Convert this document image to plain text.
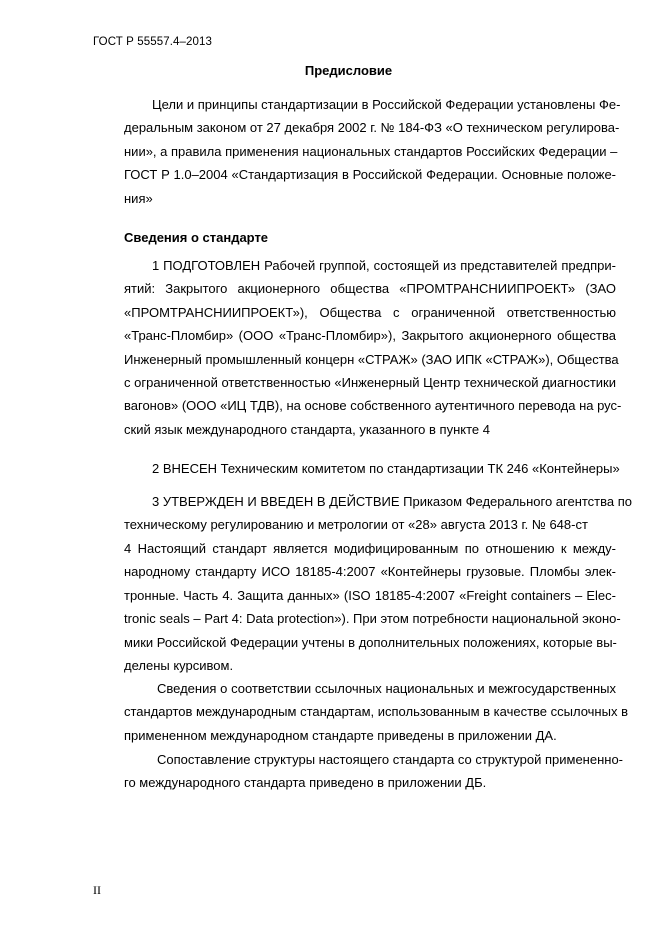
ГОСТ Р 55557.4–2013
Предисловие
Цели и принципы стандартизации в Российской Федерации установлены Фе-
деральным законом от 27 декабря 2002 г. № 184-ФЗ «О техническом регулирова-
нии», а правила применения национальных стандартов Российских Федерации –
ГОСТ Р 1.0–2004 «Стандартизация в Российской Федерации. Основные положе-
ния»
Сведения о стандарте
1 ПОДГОТОВЛЕН Рабочей группой, состоящей из представителей предпри-
ятий: Закрытого акционерного общества «ПРОМТРАНСНИИПРОЕКТ» (ЗАО
«ПРОМТРАНСНИИПРОЕКТ»), Общества с ограниченной ответственностью
«Транс-Пломбир» (ООО «Транс-Пломбир»), Закрытого акционерного общества
Инженерный промышленный концерн «СТРАЖ» (ЗАО ИПК «СТРАЖ»), Общества
с ограниченной ответственностью «Инженерный Центр технической диагностики
вагонов» (ООО «ИЦ ТДВ), на основе собственного аутентичного перевода на рус-
ский язык международного стандарта, указанного в пункте 4
2 ВНЕСЕН Техническим комитетом по стандартизации ТК 246 «Контейнеры»
3 УТВЕРЖДЕН И ВВЕДЕН В ДЕЙСТВИЕ Приказом Федерального агентства по
техническому регулированию и метрологии от «28» августа 2013 г. № 648-ст
4 Настоящий стандарт является модифицированным по отношению к между-
народному стандарту ИСО 18185-4:2007 «Контейнеры грузовые. Пломбы элек-
тронные. Часть 4. Защита данных» (ISO 18185-4:2007 «Freight containers – Elec-
tronic seals – Part 4: Data protection»). При этом потребности национальной эконо-
мики Российской Федерации учтены в дополнительных положениях, которые вы-
делены курсивом.
Сведения о соответствии ссылочных национальных и межгосударственных
стандартов международным стандартам, использованным в качестве ссылочных в
примененном международном стандарте приведены в приложении ДА.
Сопоставление структуры настоящего стандарта со структурой примененно-
го международного стандарта приведено в приложении ДБ.
II
